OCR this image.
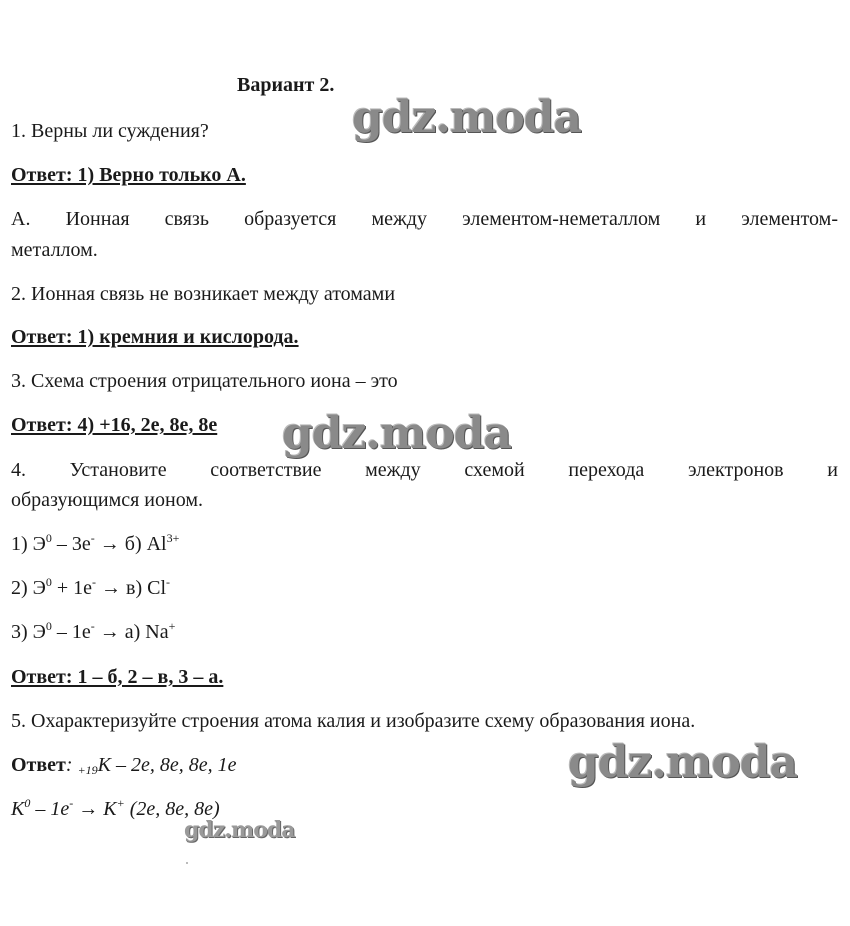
Вариант 2.
1. Верны ли суждения?
Ответ: 1) Верно только А.
А. Ионная связь образуется между элементом-неметаллом и элементом-
металлом.
2. Ионная связь не возникает между атомами
Ответ: 1) кремния и кислорода.
3. Схема строения отрицательного иона – это
Ответ: 4) +16, 2е, 8е, 8е
4. Установите соответствие между схемой перехода электронов и
образующимся ионом.
1) $Э^0 - 3е^- \to б$) $Al^{3+}$
2) $Э^0 + 1е^- \to в$) Cl-
3) $Э^0 - 1е^- \to а$) Na+
Ответ: 1 – б, 2 – в, 3 – а.
5. Охарактеризуйте строения атома калия и изобразите схему образования иона.
Ответ: $_{+19}$K – 2e, 8e, 8e, 1e
$K^0 - 1e^- \to K^+$ (2e, 8e, 8e)
gdz.moda
gdz.moda
gdz.moda
gdz.moda
